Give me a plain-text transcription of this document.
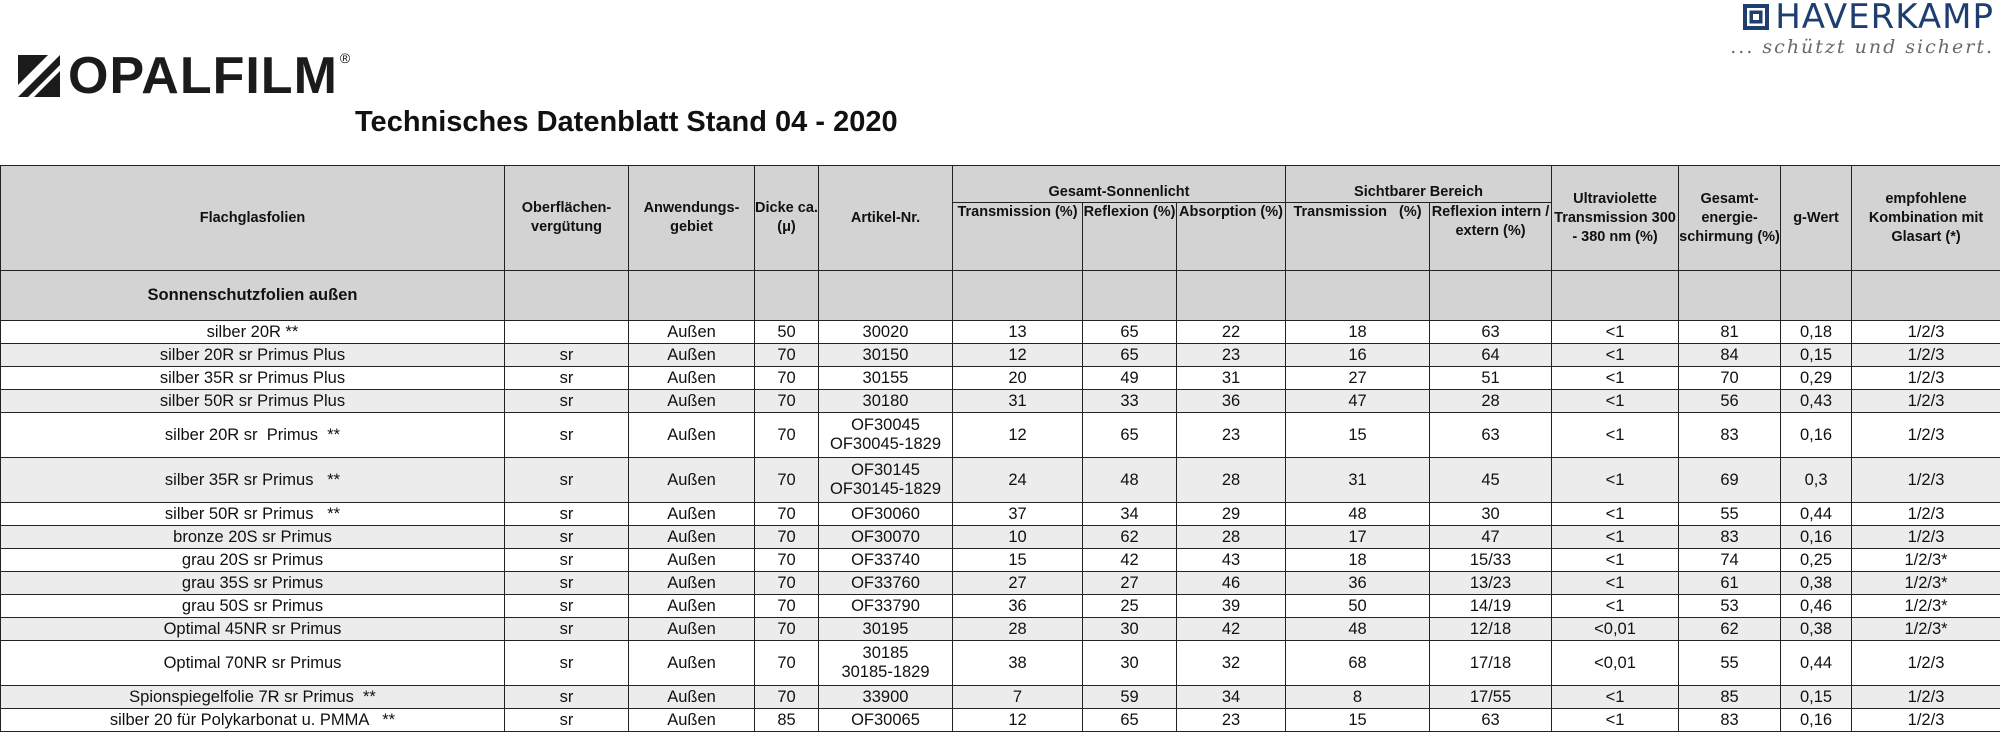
HAVERKAMP
... schützt und sichert.
OPALFILM ®
Technisches Datenblatt Stand 04 - 2020
Flachglasfolien	Oberflächen-vergütung	Anwendungs-gebiet	Dicke ca. (μ)	Artikel-Nr.	Gesamt-Sonnenlicht			Sichtbarer Bereich		Ultraviolette Transmission 300 - 380 nm (%)	Gesamt-energie-schirmung (%)	g-Wert	empfohlene Kombination mit Glasart (*)
					Transmission (%)	Reflexion (%)	Absorption (%)	Transmission   (%)	Reflexion intern / extern (%)				
Sonnenschutzfolien außen													
silber 20R **		Außen	50	30020	13	65	22	18	63	<1	81	0,18	1/2/3
silber 20R sr Primus Plus	sr	Außen	70	30150	12	65	23	16	64	<1	84	0,15	1/2/3
silber 35R sr Primus Plus	sr	Außen	70	30155	20	49	31	27	51	<1	70	0,29	1/2/3
silber 50R sr Primus Plus	sr	Außen	70	30180	31	33	36	47	28	<1	56	0,43	1/2/3
silber 20R sr  Primus  **	sr	Außen	70	OF30045
OF30045-1829	12	65	23	15	63	<1	83	0,16	1/2/3
silber 35R sr Primus   **	sr	Außen	70	OF30145
OF30145-1829	24	48	28	31	45	<1	69	0,3	1/2/3
silber 50R sr Primus   **	sr	Außen	70	OF30060	37	34	29	48	30	<1	55	0,44	1/2/3
bronze 20S sr Primus	sr	Außen	70	OF30070	10	62	28	17	47	<1	83	0,16	1/2/3
grau 20S sr Primus	sr	Außen	70	OF33740	15	42	43	18	15/33	<1	74	0,25	1/2/3*
grau 35S sr Primus	sr	Außen	70	OF33760	27	27	46	36	13/23	<1	61	0,38	1/2/3*
grau 50S sr Primus	sr	Außen	70	OF33790	36	25	39	50	14/19	<1	53	0,46	1/2/3*
Optimal 45NR sr Primus	sr	Außen	70	30195	28	30	42	48	12/18	<0,01	62	0,38	1/2/3*
Optimal 70NR sr Primus	sr	Außen	70	30185
30185-1829	38	30	32	68	17/18	<0,01	55	0,44	1/2/3
Spionspiegelfolie 7R sr Primus  **	sr	Außen	70	33900	7	59	34	8	17/55	<1	85	0,15	1/2/3
silber 20 für Polykarbonat u. PMMA   **	sr	Außen	85	OF30065	12	65	23	15	63	<1	83	0,16	1/2/3
